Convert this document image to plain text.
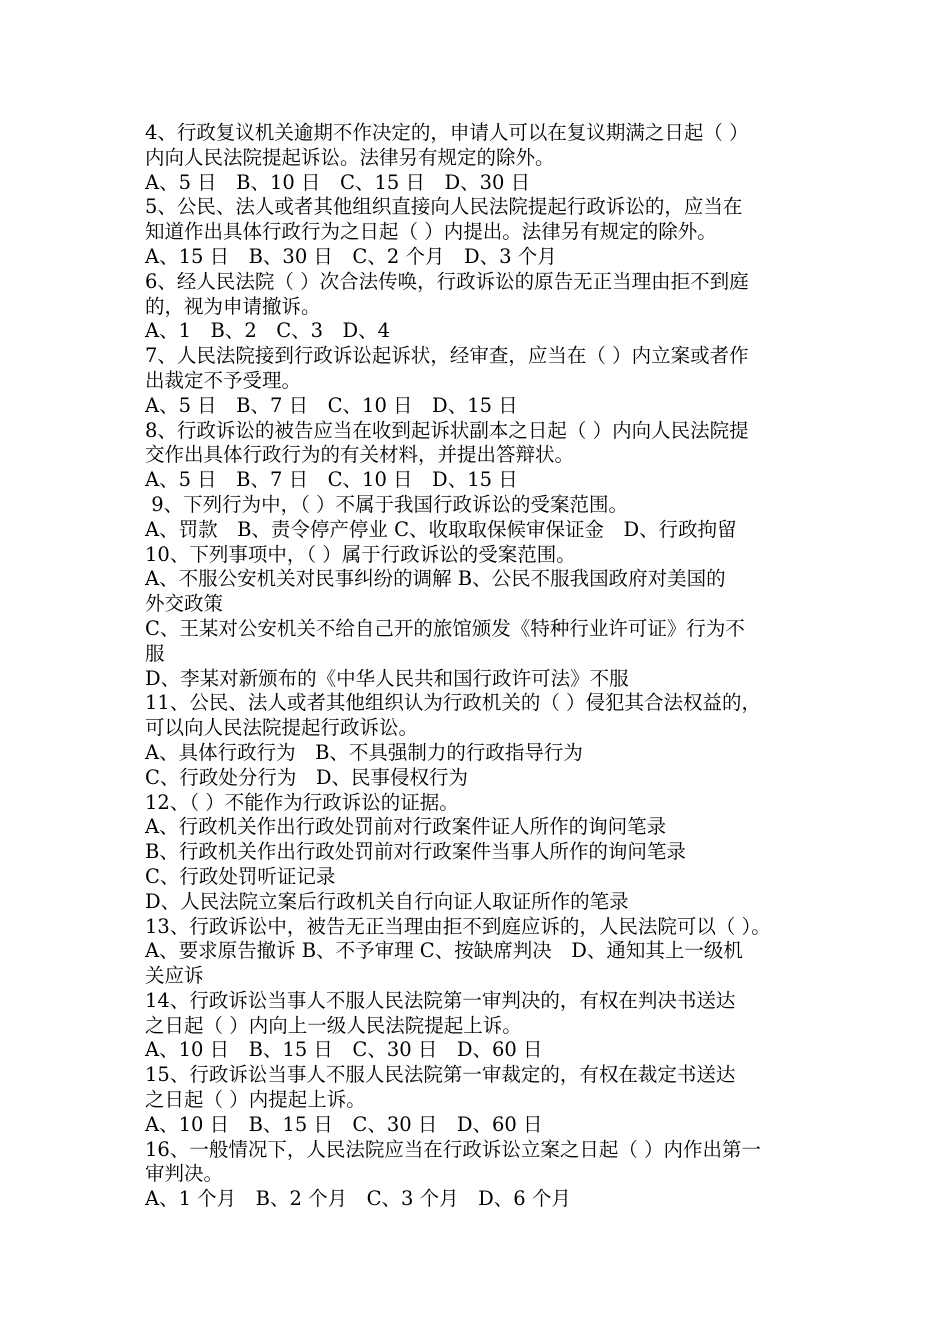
4、行政复议机关逾期不作决定的，申请人可以在复议期满之日起（ ）
内向人民法院提起诉讼。法律另有规定的除外。
A、5 日　B、10 日　C、15 日　D、30 日
5、公民、法人或者其他组织直接向人民法院提起行政诉讼的，应当在
知道作出具体行政行为之日起（ ）内提出。法律另有规定的除外。
A、15 日　B、30 日　C、2 个月　D、3 个月
6、经人民法院（ ）次合法传唤，行政诉讼的原告无正当理由拒不到庭
的，视为申请撤诉。
A、1　B、2　C、3　D、4
7、人民法院接到行政诉讼起诉状，经审查，应当在（ ）内立案或者作
出裁定不予受理。
A、5 日　B、7 日　C、10 日　D、15 日
8、行政诉讼的被告应当在收到起诉状副本之日起（ ）内向人民法院提
交作出具体行政行为的有关材料，并提出答辩状。
A、5 日　B、7 日　C、10 日　D、15 日
9、下列行为中，（ ）不属于我国行政诉讼的受案范围。
A、罚款　B、责令停产停业 C、收取取保候审保证金　D、行政拘留
10、下列事项中，（ ）属于行政诉讼的受案范围。
A、不服公安机关对民事纠纷的调解 B、公民不服我国政府对美国的
外交政策
C、王某对公安机关不给自己开的旅馆颁发《特种行业许可证》行为不
服
D、李某对新颁布的《中华人民共和国行政许可法》不服
11、公民、法人或者其他组织认为行政机关的（ ）侵犯其合法权益的，
可以向人民法院提起行政诉讼。
A、具体行政行为　B、不具强制力的行政指导行为
C、行政处分行为　D、民事侵权行为
12、（ ）不能作为行政诉讼的证据。
A、行政机关作出行政处罚前对行政案件证人所作的询问笔录
B、行政机关作出行政处罚前对行政案件当事人所作的询问笔录
C、行政处罚听证记录
D、人民法院立案后行政机关自行向证人取证所作的笔录
13、行政诉讼中，被告无正当理由拒不到庭应诉的，人民法院可以（ ）。
A、要求原告撤诉 B、不予审理 C、按缺席判决　D、通知其上一级机
关应诉
14、行政诉讼当事人不服人民法院第一审判决的，有权在判决书送达
之日起（ ）内向上一级人民法院提起上诉。
A、10 日　B、15 日　C、30 日　D、60 日
15、行政诉讼当事人不服人民法院第一审裁定的，有权在裁定书送达
之日起（ ）内提起上诉。
A、10 日　B、15 日　C、30 日　D、60 日
16、一般情况下，人民法院应当在行政诉讼立案之日起（ ）内作出第一
审判决。
A、1 个月　B、2 个月　C、3 个月　D、6 个月
